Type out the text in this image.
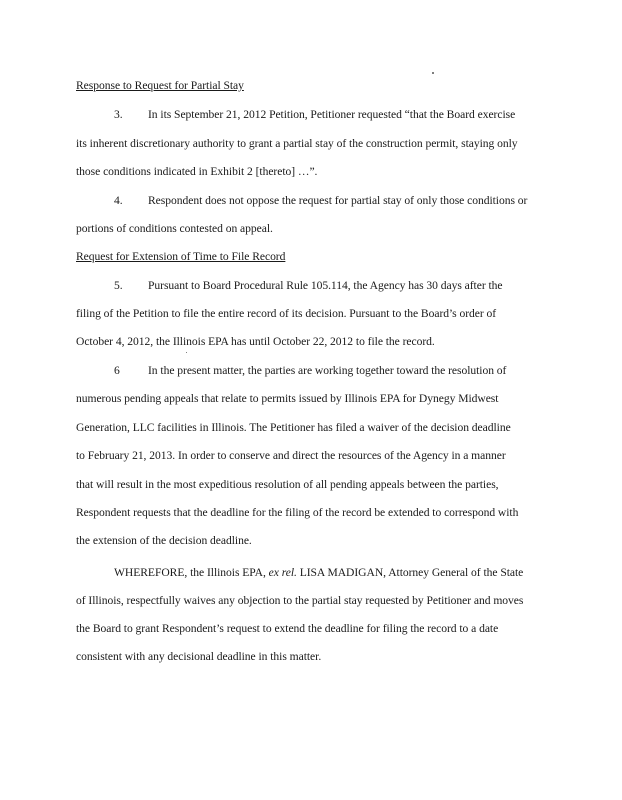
Response to Request for Partial Stay
3. In its September 21, 2012 Petition, Petitioner requested “that the Board exercise
its inherent discretionary authority to grant a partial stay of the construction permit, staying only
those conditions indicated in Exhibit 2 [thereto] …”.
4. Respondent does not oppose the request for partial stay of only those conditions or
portions of conditions contested on appeal.
Request for Extension of Time to File Record
5. Pursuant to Board Procedural Rule 105.114, the Agency has 30 days after the
filing of the Petition to file the entire record of its decision. Pursuant to the Board’s order of
October 4, 2012, the Illinois EPA has until October 22, 2012 to file the record.
6 In the present matter, the parties are working together toward the resolution of
numerous pending appeals that relate to permits issued by Illinois EPA for Dynegy Midwest
Generation, LLC facilities in Illinois. The Petitioner has filed a waiver of the decision deadline
to February 21, 2013. In order to conserve and direct the resources of the Agency in a manner
that will result in the most expeditious resolution of all pending appeals between the parties,
Respondent requests that the deadline for the filing of the record be extended to correspond with
the extension of the decision deadline.
WHEREFORE, the Illinois EPA, ex rel. LISA MADIGAN, Attorney General of the State
of Illinois, respectfully waives any objection to the partial stay requested by Petitioner and moves
the Board to grant Respondent’s request to extend the deadline for filing the record to a date
consistent with any decisional deadline in this matter.
